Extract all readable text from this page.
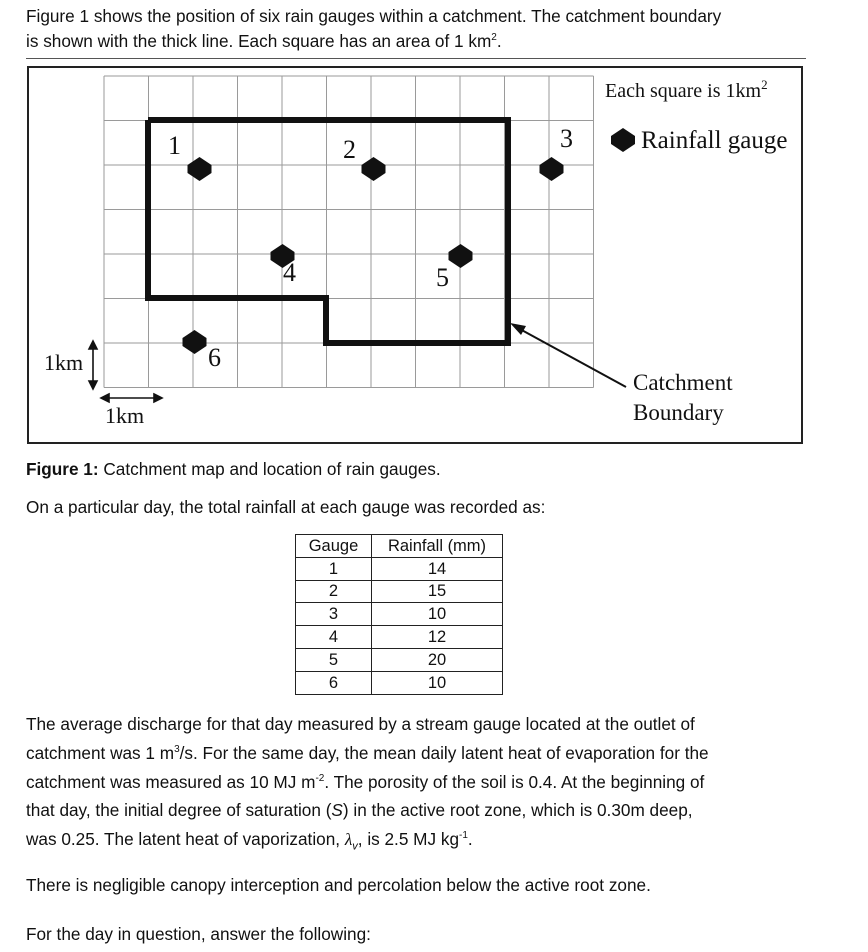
Figure 1 shows the position of six rain gauges within a catchment. The catchment boundary
is shown with the thick line. Each square has an area of 1 $km^2$.

1	2	3
4	5
6
Each square is $1km^2$
Rainfall gauge
Catchment
Boundary
1km
1km

Figure 1: Catchment map and location of rain gauges.

On a particular day, the total rainfall at each gauge was recorded as:

Gauge	Rainfall (mm)
1	14
2	15
3	10
4	12
5	20
6	10

The average discharge for that day measured by a stream gauge located at the outlet of
catchment was 1 $m^3/s$. For the same day, the mean daily latent heat of evaporation for the
catchment was measured as 10 MJ $m^{-2}$. The porosity of the soil is 0.4. At the beginning of
that day, the initial degree of saturation (S) in the active root zone, which is 0.30m deep,
was 0.25. The latent heat of vaporization, $\lambda_v$, is 2.5 MJ $kg^{-1}$.

There is negligible canopy interception and percolation below the active root zone.

For the day in question, answer the following:
